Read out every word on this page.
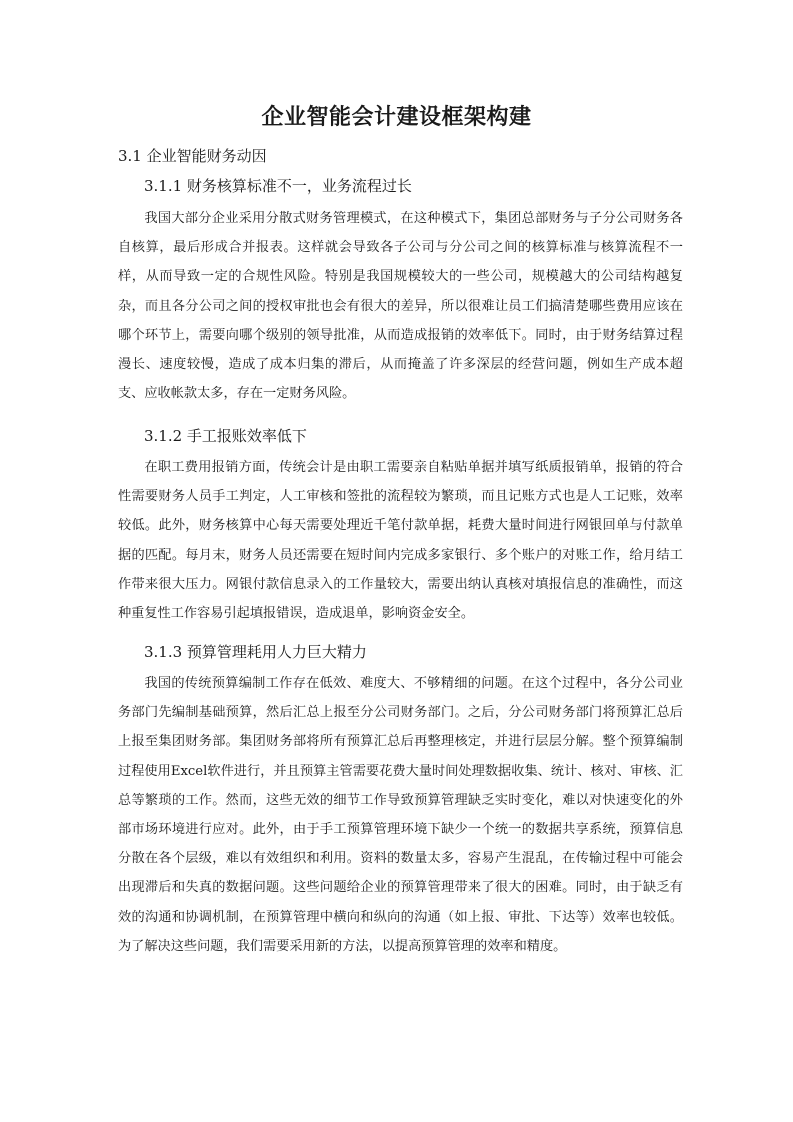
企业智能会计建设框架构建
3.1 企业智能财务动因
3.1.1 财务核算标准不一，业务流程过长

我国大部分企业采用分散式财务管理模式，在这种模式下，集团总部财务与子分公司财务各自核算，最后形成合并报表。这样就会导致各子公司与分公司之间的核算标准与核算流程不一样，从而导致一定的合规性风险。特别是我国规模较大的一些公司，规模越大的公司结构越复杂，而且各分公司之间的授权审批也会有很大的差异，所以很难让员工们搞清楚哪些费用应该在哪个环节上，需要向哪个级别的领导批准，从而造成报销的效率低下。同时，由于财务结算过程漫长、速度较慢，造成了成本归集的滞后，从而掩盖了许多深层的经营问题，例如生产成本超支、应收帐款太多，存在一定财务风险。

3.1.2 手工报账效率低下

在职工费用报销方面，传统会计是由职工需要亲自粘贴单据并填写纸质报销单，报销的符合性需要财务人员手工判定，人工审核和签批的流程较为繁琐，而且记账方式也是人工记账，效率较低。此外，财务核算中心每天需要处理近千笔付款单据，耗费大量时间进行网银回单与付款单据的匹配。每月末，财务人员还需要在短时间内完成多家银行、多个账户的对账工作，给月结工作带来很大压力。网银付款信息录入的工作量较大，需要出纳认真核对填报信息的准确性，而这种重复性工作容易引起填报错误，造成退单，影响资金安全。

3.1.3 预算管理耗用人力巨大精力

我国的传统预算编制工作存在低效、难度大、不够精细的问题。在这个过程中，各分公司业务部门先编制基础预算，然后汇总上报至分公司财务部门。之后，分公司财务部门将预算汇总后上报至集团财务部。集团财务部将所有预算汇总后再整理核定，并进行层层分解。整个预算编制过程使用Excel软件进行，并且预算主管需要花费大量时间处理数据收集、统计、核对、审核、汇总等繁琐的工作。然而，这些无效的细节工作导致预算管理缺乏实时变化，难以对快速变化的外部市场环境进行应对。此外，由于手工预算管理环境下缺少一个统一的数据共享系统，预算信息分散在各个层级，难以有效组织和利用。资料的数量太多，容易产生混乱，在传输过程中可能会出现滞后和失真的数据问题。这些问题给企业的预算管理带来了很大的困难。同时，由于缺乏有效的沟通和协调机制，在预算管理中横向和纵向的沟通（如上报、审批、下达等）效率也较低。为了解决这些问题，我们需要采用新的方法，以提高预算管理的效率和精度。
